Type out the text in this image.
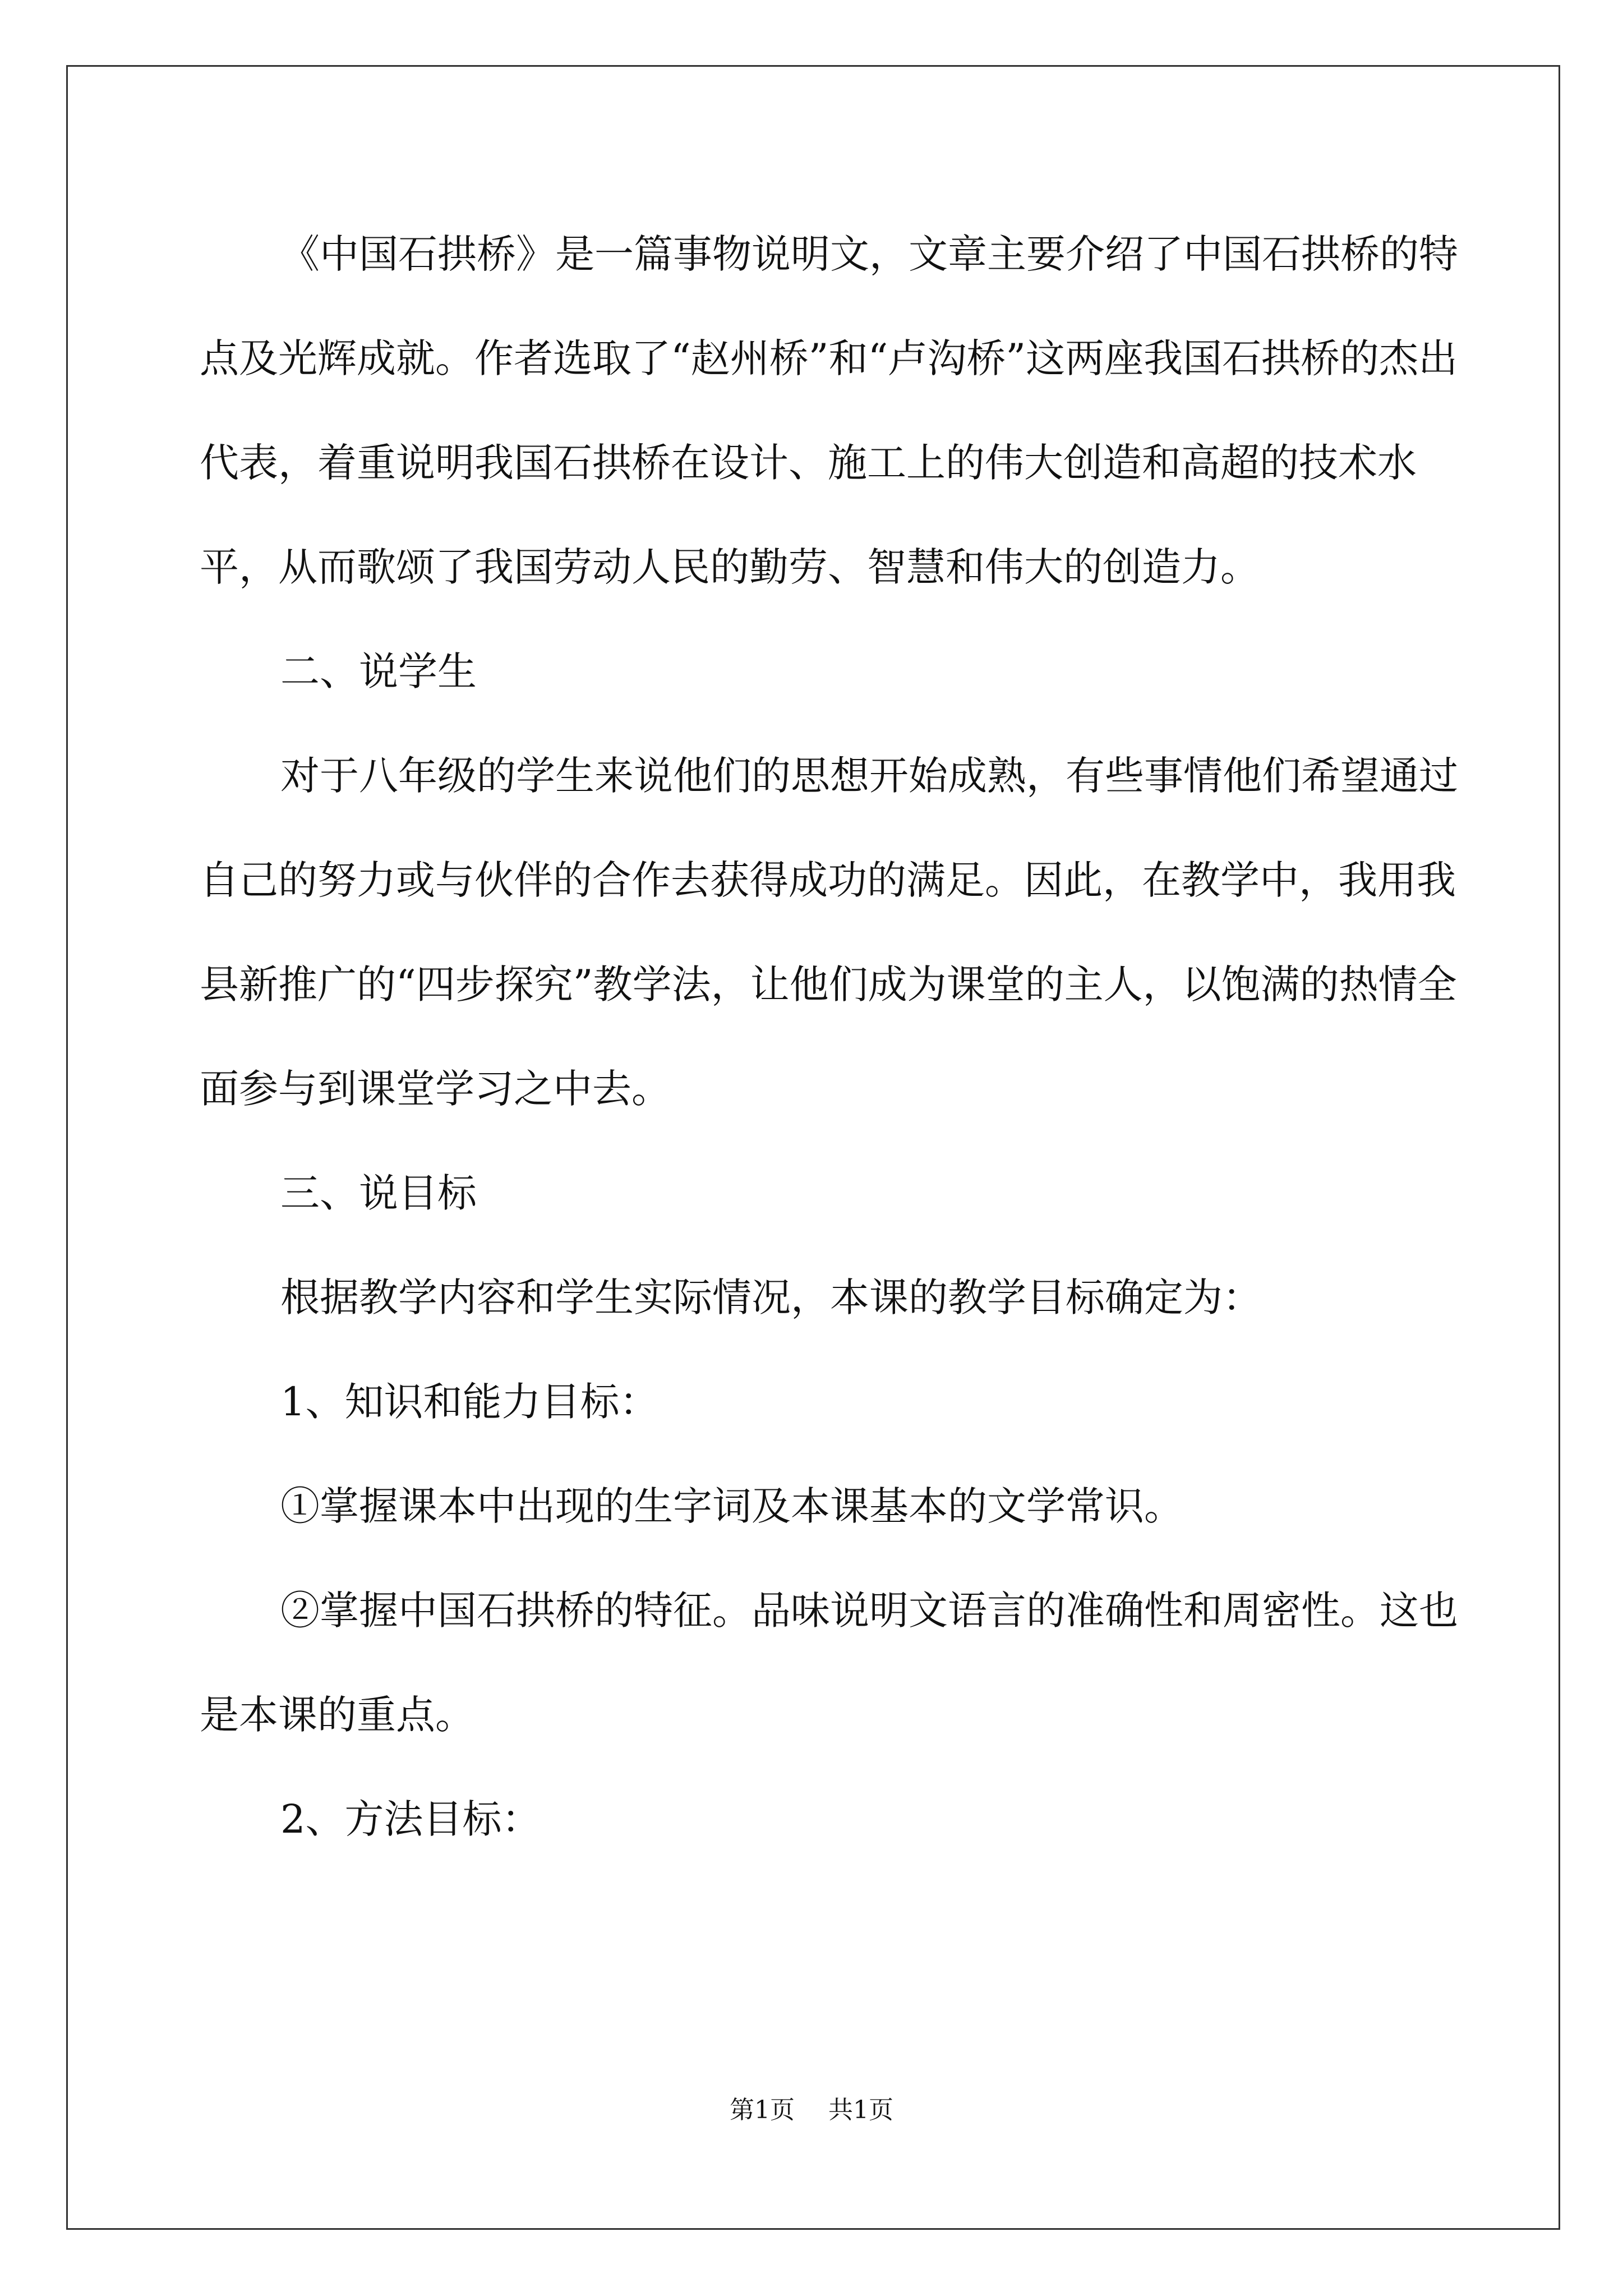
《中国石拱桥》是一篇事物说明文，文章主要介绍了中国石拱桥的特点及光辉成就。作者选取了“赵州桥”和“卢沟桥”这两座我国石拱桥的杰出代表，着重说明我国石拱桥在设计、施工上的伟大创造和高超的技术水平，从而歌颂了我国劳动人民的勤劳、智慧和伟大的创造力。

二、说学生

对于八年级的学生来说他们的思想开始成熟，有些事情他们希望通过自己的努力或与伙伴的合作去获得成功的满足。因此，在教学中，我用我县新推广的“四步探究”教学法，让他们成为课堂的主人，以饱满的热情全面参与到课堂学习之中去。

三、说目标

根据教学内容和学生实际情况，本课的教学目标确定为：

1、知识和能力目标：

①掌握课本中出现的生字词及本课基本的文学常识。

②掌握中国石拱桥的特征。品味说明文语言的准确性和周密性。这也是本课的重点。

2、方法目标：

第1页 共1页
